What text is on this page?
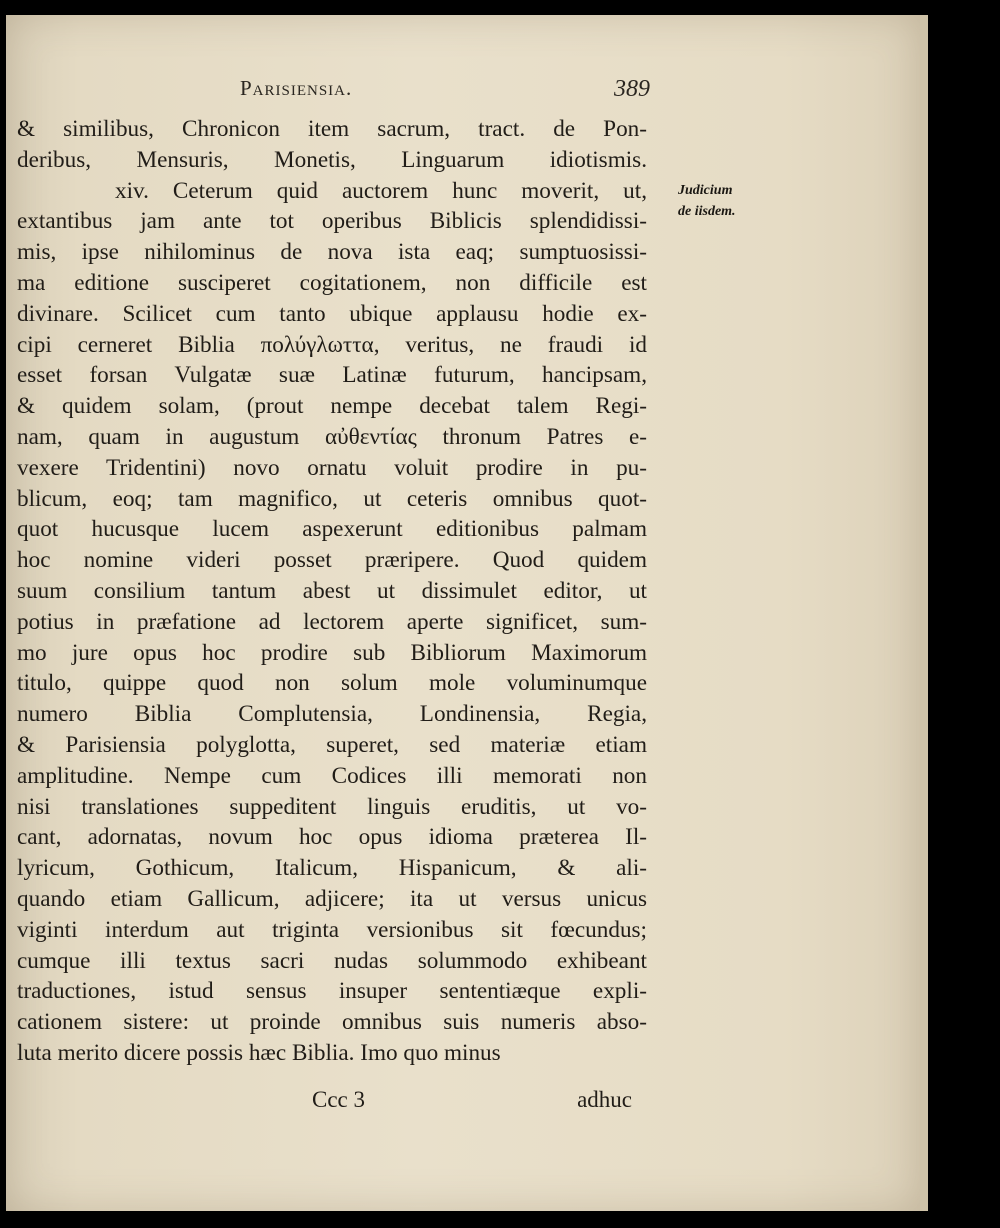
Parisiensia.	389
Judicium
de iisdem.
& similibus, Chronicon item sacrum, tract. de Pon-
deribus, Mensuris, Monetis, Linguarum idiotismis.
xiv. Ceterum quid auctorem hunc moverit, ut,
extantibus jam ante tot operibus Biblicis splendidissi-
mis, ipse nihilominus de nova ista eaq; sumptuosissi-
ma editione susciperet cogitationem, non difficile est
divinare. Scilicet cum tanto ubique applausu hodie ex-
cipi cerneret Biblia πολύγλωττα, veritus, ne fraudi id
esset forsan Vulgatæ suæ Latinæ futurum, hancipsam,
& quidem solam, (prout nempe decebat talem Regi-
nam, quam in augustum αὐθεντίας thronum Patres e-
vexere Tridentini) novo ornatu voluit prodire in pu-
blicum, eoq; tam magnifico, ut ceteris omnibus quot-
quot hucusque lucem aspexerunt editionibus palmam
hoc nomine videri posset præripere. Quod quidem
suum consilium tantum abest ut dissimulet editor, ut
potius in præfatione ad lectorem aperte significet, sum-
mo jure opus hoc prodire sub Bibliorum Maximorum
titulo, quippe quod non solum mole voluminumque
numero Biblia Complutensia, Londinensia, Regia,
& Parisiensia polyglotta, superet, sed materiæ etiam
amplitudine. Nempe cum Codices illi memorati non
nisi translationes suppeditent linguis eruditis, ut vo-
cant, adornatas, novum hoc opus idioma præterea Il-
lyricum, Gothicum, Italicum, Hispanicum, & ali-
quando etiam Gallicum, adjicere; ita ut versus unicus
viginti interdum aut triginta versionibus sit fœcundus;
cumque illi textus sacri nudas solummodo exhibeant
traductiones, istud sensus insuper sententiæque expli-
cationem sistere: ut proinde omnibus suis numeris abso-
luta merito dicere possis hæc Biblia. Imo quo minus
Ccc 3	adhuc
